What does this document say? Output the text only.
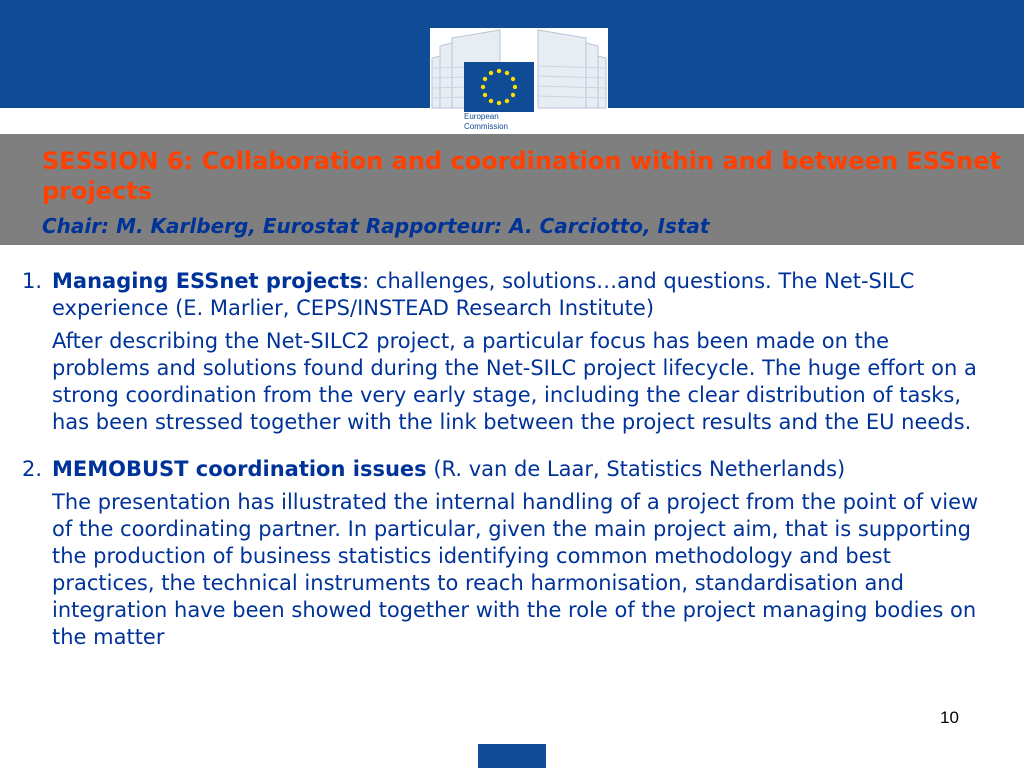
European
Commission
SESSION 6: Collaboration and coordination within and between ESSnet projects
Chair: M. Karlberg, Eurostat Rapporteur: A. Carciotto, Istat
1. Managing ESSnet projects: challenges, solutions…and questions. The Net-SILC experience (E. Marlier, CEPS/INSTEAD Research Institute)
After describing the Net-SILC2 project, a particular focus has been made on the problems and solutions found during the Net-SILC project lifecycle. The huge effort on a strong coordination from the very early stage, including the clear distribution of tasks, has been stressed together with the link between the project results and the EU needs.
2. MEMOBUST coordination issues (R. van de Laar, Statistics Netherlands)
The presentation has illustrated the internal handling of a project from the point of view of the coordinating partner. In particular, given the main project aim, that is supporting the production of business statistics identifying common methodology and best practices, the technical instruments to reach harmonisation, standardisation and integration have been showed together with the role of the project managing bodies on the matter
10
